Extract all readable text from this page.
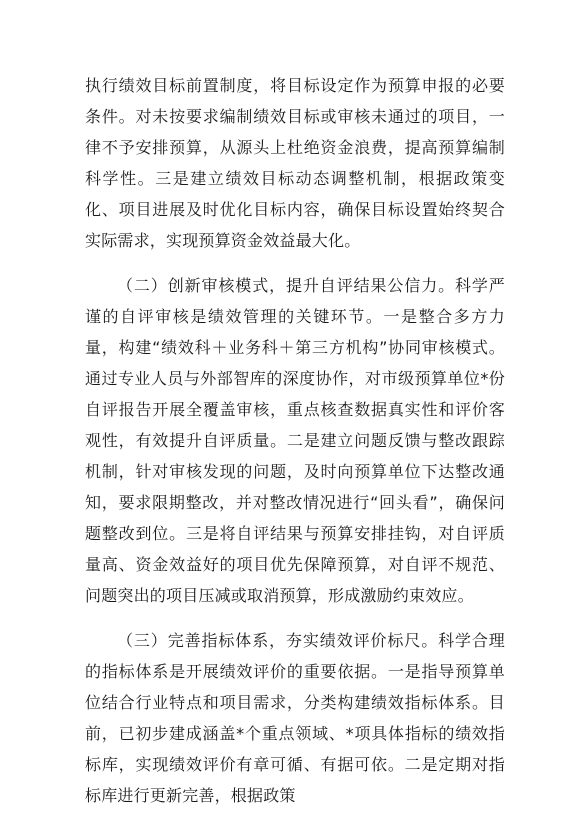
执行绩效目标前置制度，将目标设定作为预算申报的必要条件。对未按要求编制绩效目标或审核未通过的项目，一律不予安排预算，从源头上杜绝资金浪费，提高预算编制科学性。三是建立绩效目标动态调整机制，根据政策变化、项目进展及时优化目标内容，确保目标设置始终契合实际需求，实现预算资金效益最大化。

（二）创新审核模式，提升自评结果公信力。科学严谨的自评审核是绩效管理的关键环节。一是整合多方力量，构建“绩效科＋业务科＋第三方机构”协同审核模式。通过专业人员与外部智库的深度协作，对市级预算单位*份自评报告开展全覆盖审核，重点核查数据真实性和评价客观性，有效提升自评质量。二是建立问题反馈与整改跟踪机制，针对审核发现的问题，及时向预算单位下达整改通知，要求限期整改，并对整改情况进行“回头看”，确保问题整改到位。三是将自评结果与预算安排挂钩，对自评质量高、资金效益好的项目优先保障预算，对自评不规范、问题突出的项目压减或取消预算，形成激励约束效应。

（三）完善指标体系，夯实绩效评价标尺。科学合理的指标体系是开展绩效评价的重要依据。一是指导预算单位结合行业特点和项目需求，分类构建绩效指标体系。目前，已初步建成涵盖*个重点领域、*项具体指标的绩效指标库，实现绩效评价有章可循、有据可依。二是定期对指标库进行更新完善，根据政策
